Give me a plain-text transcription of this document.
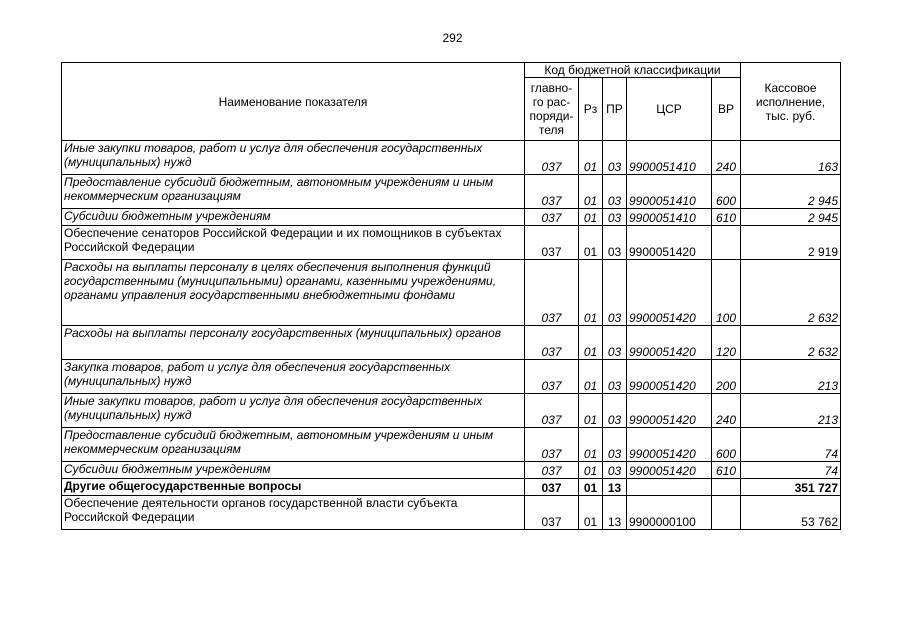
292
Наименование показателя	Код бюджетной классификации					Кассовое исполнение, тыс. руб.
	главно-го рас-поряди-теля	Рз	ПР	ЦСР	ВР	
Иные закупки товаров, работ и услуг для обеспечения государственных (муниципальных) нужд	037	01	03	9900051410	240	163
Предоставление субсидий бюджетным, автономным учреждениям и иным некоммерческим организациям	037	01	03	9900051410	600	2 945
Субсидии бюджетным учреждениям	037	01	03	9900051410	610	2 945
Обеспечение сенаторов Российской Федерации и их помощников в субъектах Российской Федерации	037	01	03	9900051420		2 919
Расходы на выплаты персоналу в целях обеспечения выполнения функций государственными (муниципальными) органами, казенными учреждениями, органами управления государственными внебюджетными фондами	037	01	03	9900051420	100	2 632
Расходы на выплаты персоналу государственных (муниципальных) органов	037	01	03	9900051420	120	2 632
Закупка товаров, работ и услуг для обеспечения государственных (муниципальных) нужд	037	01	03	9900051420	200	213
Иные закупки товаров, работ и услуг для обеспечения государственных (муниципальных) нужд	037	01	03	9900051420	240	213
Предоставление субсидий бюджетным, автономным учреждениям и иным некоммерческим организациям	037	01	03	9900051420	600	74
Субсидии бюджетным учреждениям	037	01	03	9900051420	610	74
Другие общегосударственные вопросы	037	01	13			351 727
Обеспечение деятельности органов государственной власти субъекта Российской Федерации	037	01	13	9900000100		53 762
